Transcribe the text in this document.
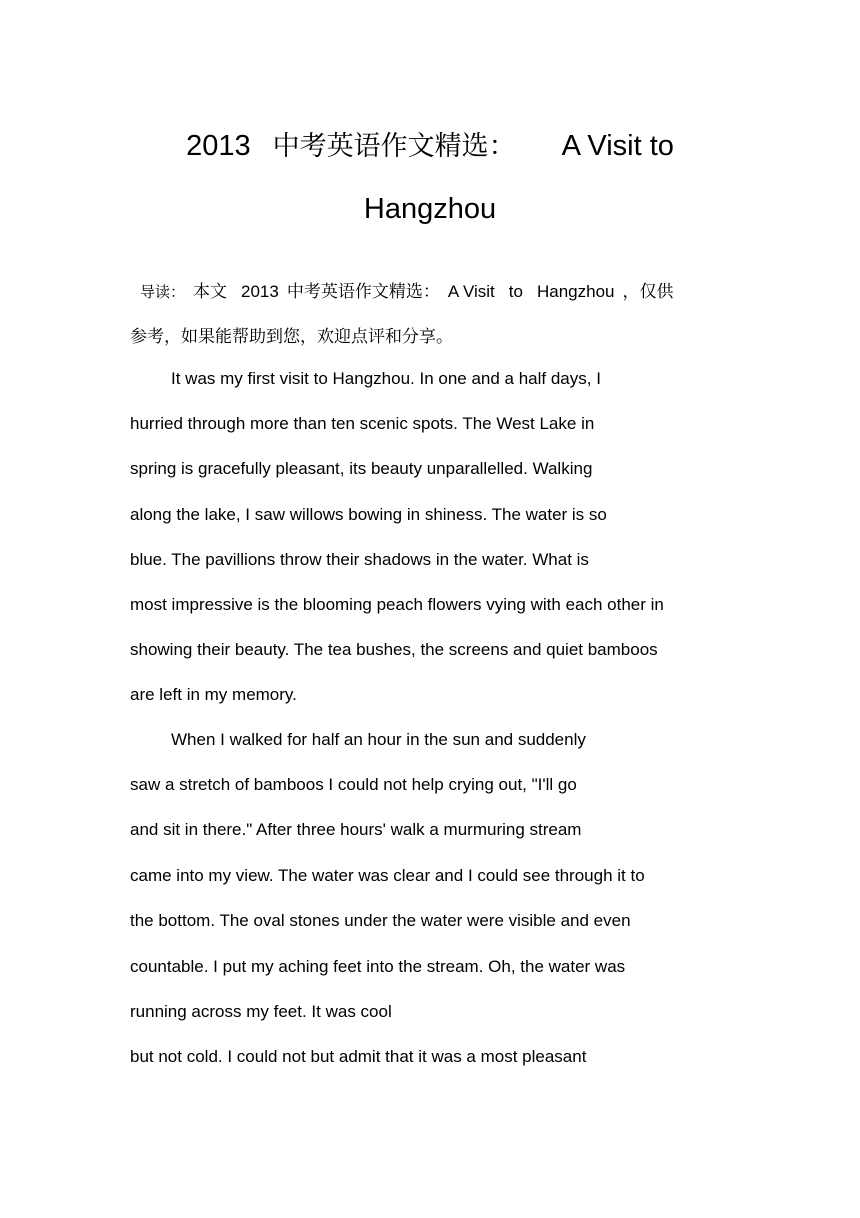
2013 中考英语作文精选： A Visit to
Hangzhou
导读： 本文 2013 中考英语作文精选： A Visit to Hangzhou ，仅供
参考，如果能帮助到您，欢迎点评和分享。
It was my first visit to Hangzhou. In one and a half days, I
hurried through more than ten scenic spots. The West Lake in
spring is gracefully pleasant, its beauty unparallelled. Walking
along the lake, I saw willows bowing in shiness. The water is so
blue. The pavillions throw their shadows in the water. What is
most impressive is the blooming peach flowers vying with each other in
showing their beauty. The tea bushes, the screens and quiet bamboos
are left in my memory.
When I walked for half an hour in the sun and suddenly
saw a stretch of bamboos I could not help crying out, "I'll go
and sit in there." After three hours' walk a murmuring stream
came into my view. The water was clear and I could see through it to
the bottom. The oval stones under the water were visible and even
countable. I put my aching feet into the stream. Oh, the water was
running across my feet. It was cool
but not cold. I could not but admit that it was a most pleasant
